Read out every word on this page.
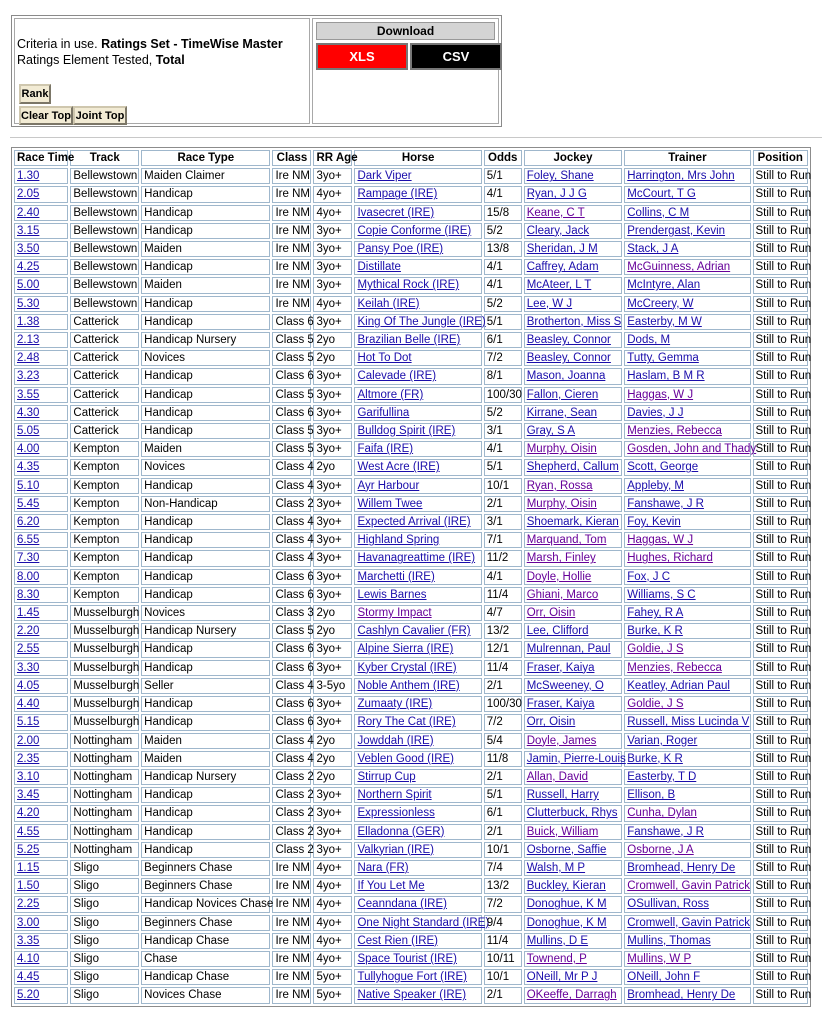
Criteria in use. Ratings Set - TimeWise Master
Ratings Element Tested, Total
Rank
Clear Top Joint Top
Download
XLS	CSV
Race Time	Track	Race Type	Class	RR Age	Horse	Odds	Jockey	Trainer	Position
1.30	Bellewstown	Maiden Claimer	Ire NM	3yo+	Dark Viper	5/1	Foley, Shane	Harrington, Mrs John	Still to Run
2.05	Bellewstown	Handicap	Ire NM	4yo+	Rampage (IRE)	4/1	Ryan, J J G	McCourt, T G	Still to Run
2.40	Bellewstown	Handicap	Ire NM	4yo+	Ivasecret (IRE)	15/8	Keane, C T	Collins, C M	Still to Run
3.15	Bellewstown	Handicap	Ire NM	3yo+	Copie Conforme (IRE)	5/2	Cleary, Jack	Prendergast, Kevin	Still to Run
3.50	Bellewstown	Maiden	Ire NM	3yo+	Pansy Poe (IRE)	13/8	Sheridan, J M	Stack, J A	Still to Run
4.25	Bellewstown	Handicap	Ire NM	3yo+	Distillate	4/1	Caffrey, Adam	McGuinness, Adrian	Still to Run
5.00	Bellewstown	Maiden	Ire NM	3yo+	Mythical Rock (IRE)	4/1	McAteer, L T	McIntyre, Alan	Still to Run
5.30	Bellewstown	Handicap	Ire NM	4yo+	Keilah (IRE)	5/2	Lee, W J	McCreery, W	Still to Run
1.38	Catterick	Handicap	Class 6	3yo+	King Of The Jungle (IRE)	5/1	Brotherton, Miss S	Easterby, M W	Still to Run
2.13	Catterick	Handicap Nursery	Class 5	2yo	Brazilian Belle (IRE)	6/1	Beasley, Connor	Dods, M	Still to Run
2.48	Catterick	Novices	Class 5	2yo	Hot To Dot	7/2	Beasley, Connor	Tutty, Gemma	Still to Run
3.23	Catterick	Handicap	Class 6	3yo+	Calevade (IRE)	8/1	Mason, Joanna	Haslam, B M R	Still to Run
3.55	Catterick	Handicap	Class 5	3yo+	Altmore (FR)	100/30	Fallon, Cieren	Haggas, W J	Still to Run
4.30	Catterick	Handicap	Class 6	3yo+	Garifullina	5/2	Kirrane, Sean	Davies, J J	Still to Run
5.05	Catterick	Handicap	Class 5	3yo+	Bulldog Spirit (IRE)	3/1	Gray, S A	Menzies, Rebecca	Still to Run
4.00	Kempton	Maiden	Class 5	3yo+	Faifa (IRE)	4/1	Murphy, Oisin	Gosden, John and Thady	Still to Run
4.35	Kempton	Novices	Class 4	2yo	West Acre (IRE)	5/1	Shepherd, Callum	Scott, George	Still to Run
5.10	Kempton	Handicap	Class 4	3yo+	Ayr Harbour	10/1	Ryan, Rossa	Appleby, M	Still to Run
5.45	Kempton	Non-Handicap	Class 2	3yo+	Willem Twee	2/1	Murphy, Oisin	Fanshawe, J R	Still to Run
6.20	Kempton	Handicap	Class 4	3yo+	Expected Arrival (IRE)	3/1	Shoemark, Kieran	Foy, Kevin	Still to Run
6.55	Kempton	Handicap	Class 4	3yo+	Highland Spring	7/1	Marquand, Tom	Haggas, W J	Still to Run
7.30	Kempton	Handicap	Class 4	3yo+	Havanagreattime (IRE)	11/2	Marsh, Finley	Hughes, Richard	Still to Run
8.00	Kempton	Handicap	Class 6	3yo+	Marchetti (IRE)	4/1	Doyle, Hollie	Fox, J C	Still to Run
8.30	Kempton	Handicap	Class 6	3yo+	Lewis Barnes	11/4	Ghiani, Marco	Williams, S C	Still to Run
1.45	Musselburgh	Novices	Class 3	2yo	Stormy Impact	4/7	Orr, Oisin	Fahey, R A	Still to Run
2.20	Musselburgh	Handicap Nursery	Class 5	2yo	Cashlyn Cavalier (FR)	13/2	Lee, Clifford	Burke, K R	Still to Run
2.55	Musselburgh	Handicap	Class 6	3yo+	Alpine Sierra (IRE)	12/1	Mulrennan, Paul	Goldie, J S	Still to Run
3.30	Musselburgh	Handicap	Class 6	3yo+	Kyber Crystal (IRE)	11/4	Fraser, Kaiya	Menzies, Rebecca	Still to Run
4.05	Musselburgh	Seller	Class 4	3-5yo	Noble Anthem (IRE)	2/1	McSweeney, O	Keatley, Adrian Paul	Still to Run
4.40	Musselburgh	Handicap	Class 6	3yo+	Zumaaty (IRE)	100/30	Fraser, Kaiya	Goldie, J S	Still to Run
5.15	Musselburgh	Handicap	Class 6	3yo+	Rory The Cat (IRE)	7/2	Orr, Oisin	Russell, Miss Lucinda V	Still to Run
2.00	Nottingham	Maiden	Class 4	2yo	Jowddah (IRE)	5/4	Doyle, James	Varian, Roger	Still to Run
2.35	Nottingham	Maiden	Class 4	2yo	Veblen Good (IRE)	11/8	Jamin, Pierre-Louis	Burke, K R	Still to Run
3.10	Nottingham	Handicap Nursery	Class 2	2yo	Stirrup Cup	2/1	Allan, David	Easterby, T D	Still to Run
3.45	Nottingham	Handicap	Class 2	3yo+	Northern Spirit	5/1	Russell, Harry	Ellison, B	Still to Run
4.20	Nottingham	Handicap	Class 2	3yo+	Expressionless	6/1	Clutterbuck, Rhys	Cunha, Dylan	Still to Run
4.55	Nottingham	Handicap	Class 2	3yo+	Elladonna (GER)	2/1	Buick, William	Fanshawe, J R	Still to Run
5.25	Nottingham	Handicap	Class 2	3yo+	Valkyrian (IRE)	10/1	Osborne, Saffie	Osborne, J A	Still to Run
1.15	Sligo	Beginners Chase	Ire NM	4yo+	Nara (FR)	7/4	Walsh, M P	Bromhead, Henry De	Still to Run
1.50	Sligo	Beginners Chase	Ire NM	4yo+	If You Let Me	13/2	Buckley, Kieran	Cromwell, Gavin Patrick	Still to Run
2.25	Sligo	Handicap Novices Chase	Ire NM	4yo+	Ceanndana (IRE)	7/2	Donoghue, K M	OSullivan, Ross	Still to Run
3.00	Sligo	Beginners Chase	Ire NM	4yo+	One Night Standard (IRE)	9/4	Donoghue, K M	Cromwell, Gavin Patrick	Still to Run
3.35	Sligo	Handicap Chase	Ire NM	4yo+	Cest Rien (IRE)	11/4	Mullins, D E	Mullins, Thomas	Still to Run
4.10	Sligo	Chase	Ire NM	4yo+	Space Tourist (IRE)	10/11	Townend, P	Mullins, W P	Still to Run
4.45	Sligo	Handicap Chase	Ire NM	5yo+	Tullyhogue Fort (IRE)	10/1	ONeill, Mr P J	ONeill, John F	Still to Run
5.20	Sligo	Novices Chase	Ire NM	5yo+	Native Speaker (IRE)	2/1	OKeeffe, Darragh	Bromhead, Henry De	Still to Run
